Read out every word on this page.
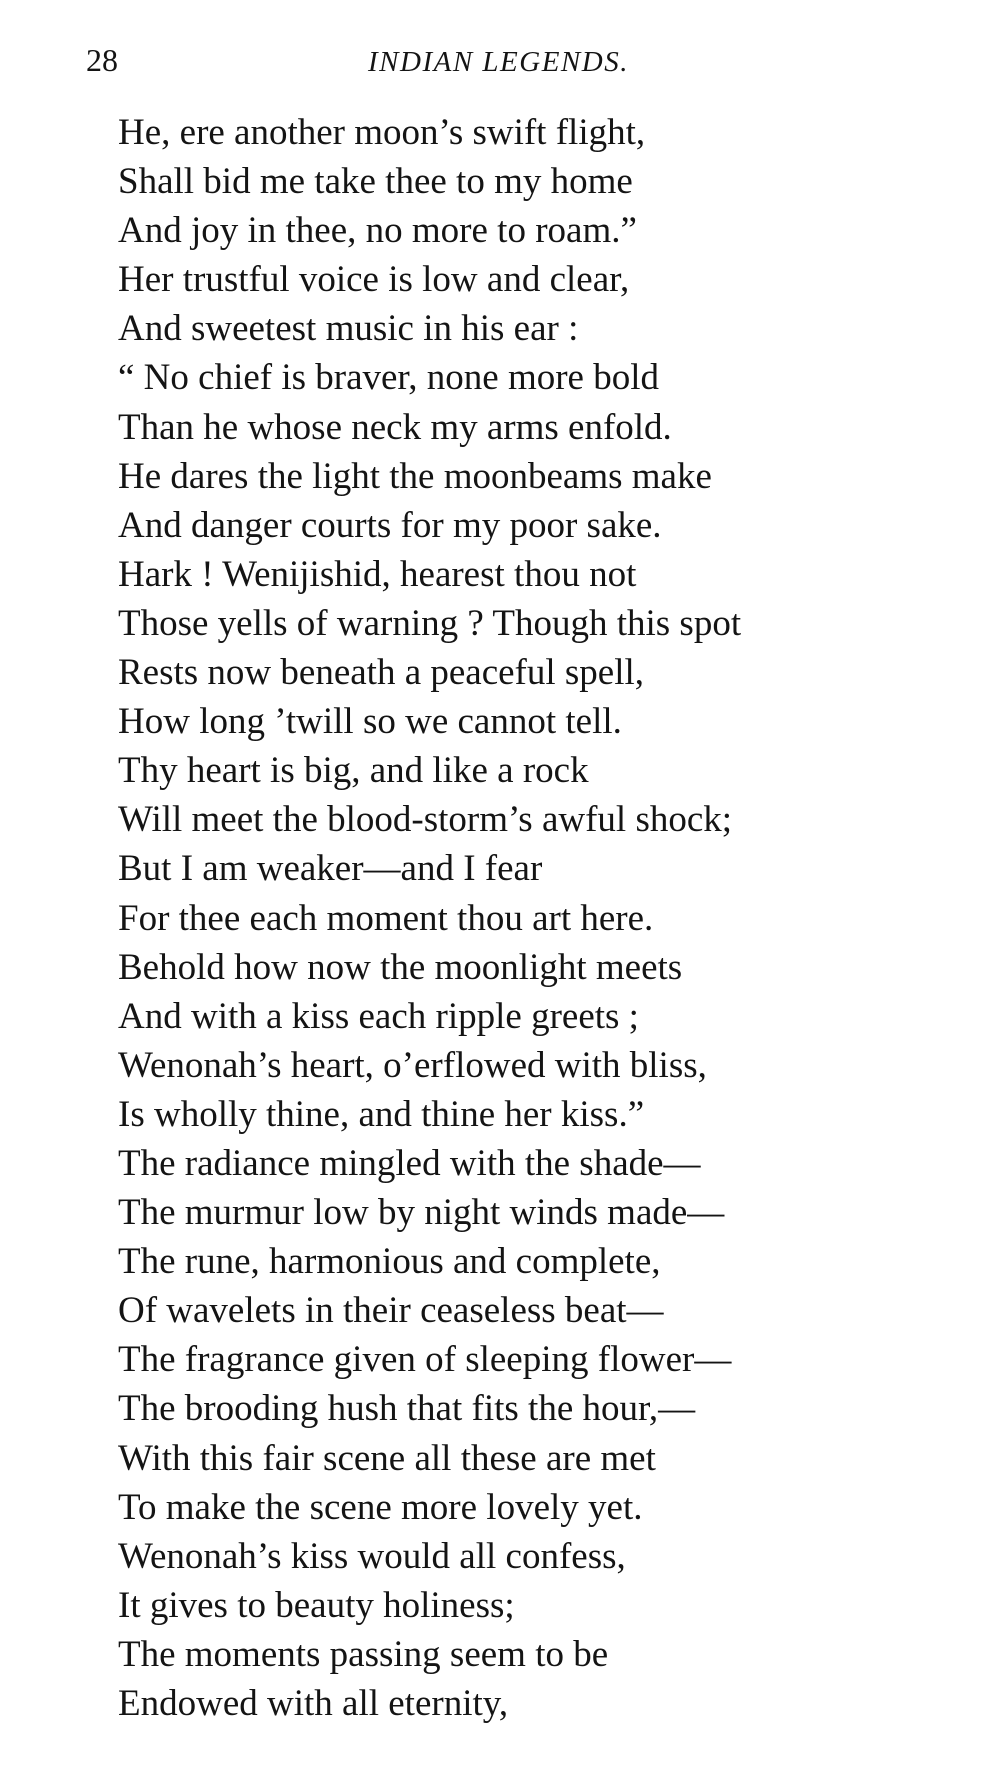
28	INDIAN LEGENDS.

He, ere another moon’s swift flight,
Shall bid me take thee to my home
And joy in thee, no more to roam.”
Her trustful voice is low and clear,
And sweetest music in his ear :
“ No chief is braver, none more bold
Than he whose neck my arms enfold.
He dares the light the moonbeams make
And danger courts for my poor sake.
Hark ! Wenijishid, hearest thou not
Those yells of warning ? Though this spot
Rests now beneath a peaceful spell,
How long ’twill so we cannot tell.
Thy heart is big, and like a rock
Will meet the blood-storm’s awful shock;
But I am weaker—and I fear
For thee each moment thou art here.
Behold how now the moonlight meets
And with a kiss each ripple greets ;
Wenonah’s heart, o’erflowed with bliss,
Is wholly thine, and thine her kiss.”
The radiance mingled with the shade—
The murmur low by night winds made—
The rune, harmonious and complete,
Of wavelets in their ceaseless beat—
The fragrance given of sleeping flower—
The brooding hush that fits the hour,—
With this fair scene all these are met
To make the scene more lovely yet.
Wenonah’s kiss would all confess,
It gives to beauty holiness;
The moments passing seem to be
Endowed with all eternity,
